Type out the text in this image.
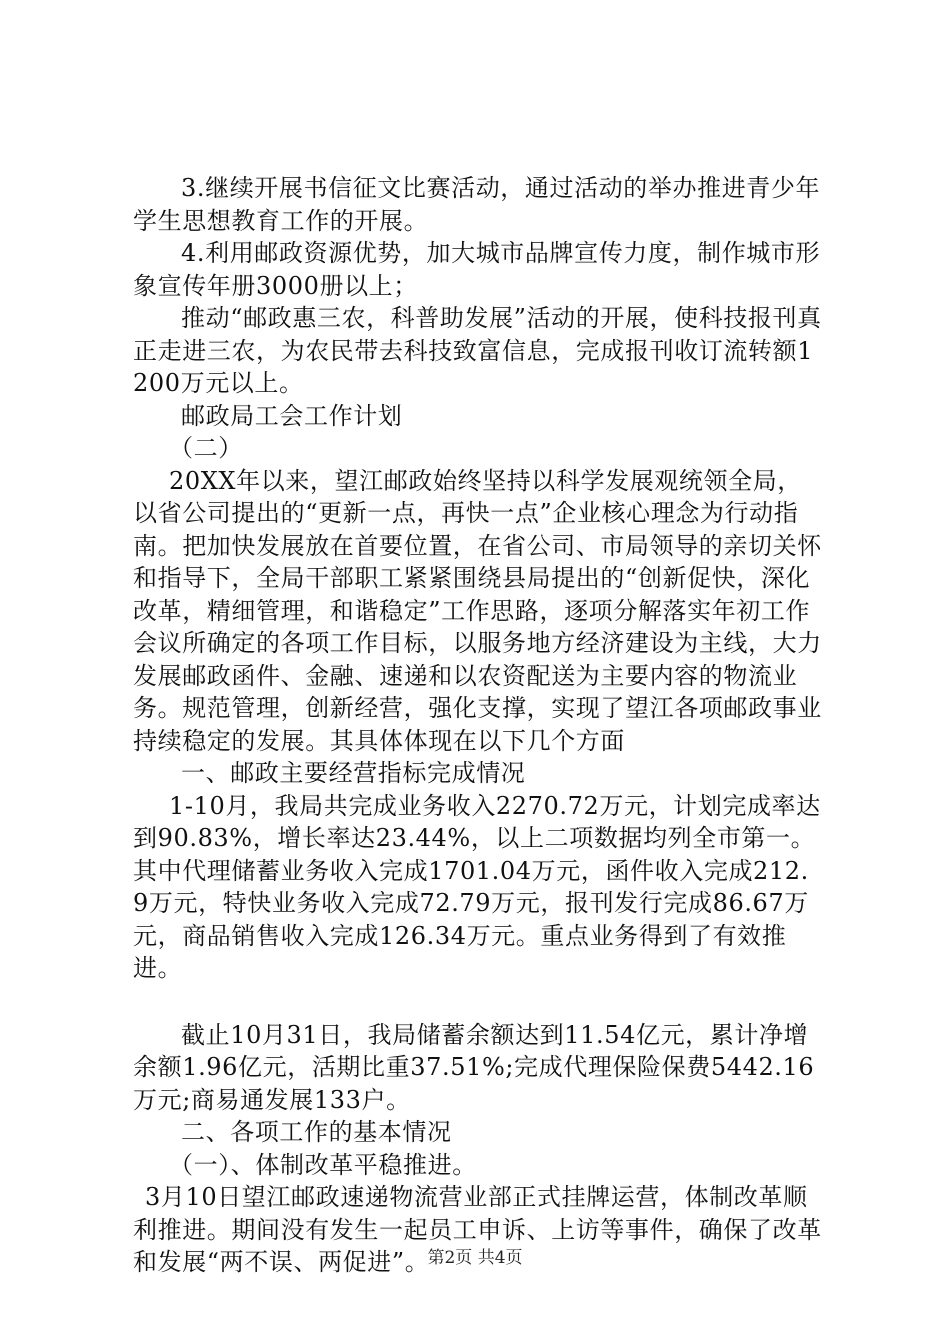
3.继续开展书信征文比赛活动，通过活动的举办推进青少年学生思想教育工作的开展。

4.利用邮政资源优势，加大城市品牌宣传力度，制作城市形象宣传年册3000册以上；

推动“邮政惠三农，科普助发展”活动的开展，使科技报刊真正走进三农，为农民带去科技致富信息，完成报刊收订流转额1200万元以上。

邮政局工会工作计划

（二）

20XX年以来，望江邮政始终坚持以科学发展观统领全局，以省公司提出的“更新一点，再快一点”企业核心理念为行动指南。把加快发展放在首要位置，在省公司、市局领导的亲切关怀和指导下，全局干部职工紧紧围绕县局提出的“创新促快，深化改革，精细管理，和谐稳定”工作思路，逐项分解落实年初工作会议所确定的各项工作目标，以服务地方经济建设为主线，大力发展邮政函件、金融、速递和以农资配送为主要内容的物流业务。规范管理，创新经营，强化支撑，实现了望江各项邮政事业持续稳定的发展。其具体体现在以下几个方面

一、邮政主要经营指标完成情况

1-10月，我局共完成业务收入2270.72万元，计划完成率达到90.83%，增长率达23.44%，以上二项数据均列全市第一。其中代理储蓄业务收入完成1701.04万元，函件收入完成212.9万元，特快业务收入完成72.79万元，报刊发行完成86.67万元，商品销售收入完成126.34万元。重点业务得到了有效推进。

截止10月31日，我局储蓄余额达到11.54亿元，累计净增余额1.96亿元，活期比重37.51%;完成代理保险保费5442.16万元;商易通发展133户。

二、各项工作的基本情况

（一）、体制改革平稳推进。

3月10日望江邮政速递物流营业部正式挂牌运营，体制改革顺利推进。期间没有发生一起员工申诉、上访等事件，确保了改革和发展“两不误、两促进”。

第2页 共4页
